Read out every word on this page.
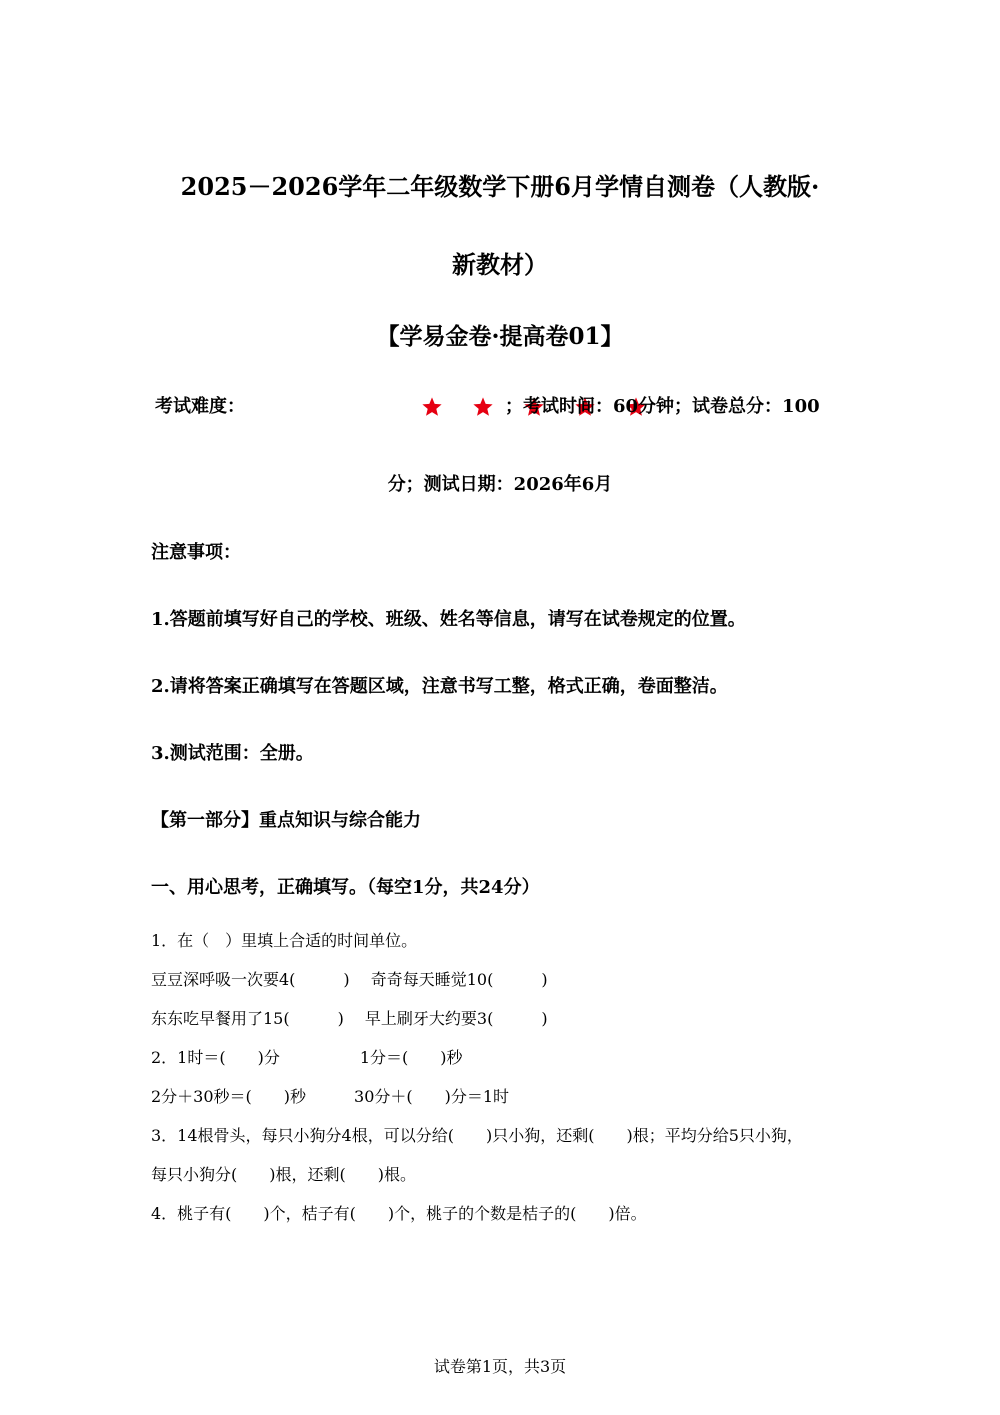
2025－2026学年二年级数学下册6月学情自测卷（人教版·
新教材）
【学易金卷·提高卷01】
考试难度：	；考试时间：60分钟；试卷总分：100
分；测试日期：2026年6月
注意事项：
1.答题前填写好自己的学校、班级、姓名等信息，请写在试卷规定的位置。
2.请将答案正确填写在答题区域，注意书写工整，格式正确，卷面整洁。
3.测试范围：全册。
【第一部分】重点知识与综合能力
一、用心思考，正确填写。（每空1分，共24分）
1．在（　）里填上合适的时间单位。
豆豆深呼吸一次要4(　　　)　 奇奇每天睡觉10(　　　)
东东吃早餐用了15(　　　)　 早上刷牙大约要3(　　　)
2．1时＝(　　)分　　　　　1分＝(　　)秒
2分＋30秒＝(　　)秒　　　30分＋(　　)分＝1时
3．14根骨头，每只小狗分4根，可以分给(　　)只小狗，还剩(　　)根；平均分给5只小狗，
每只小狗分(　　)根，还剩(　　)根。
4．桃子有(　　)个，桔子有(　　)个，桃子的个数是桔子的(　　)倍。
试卷第1页，共3页
